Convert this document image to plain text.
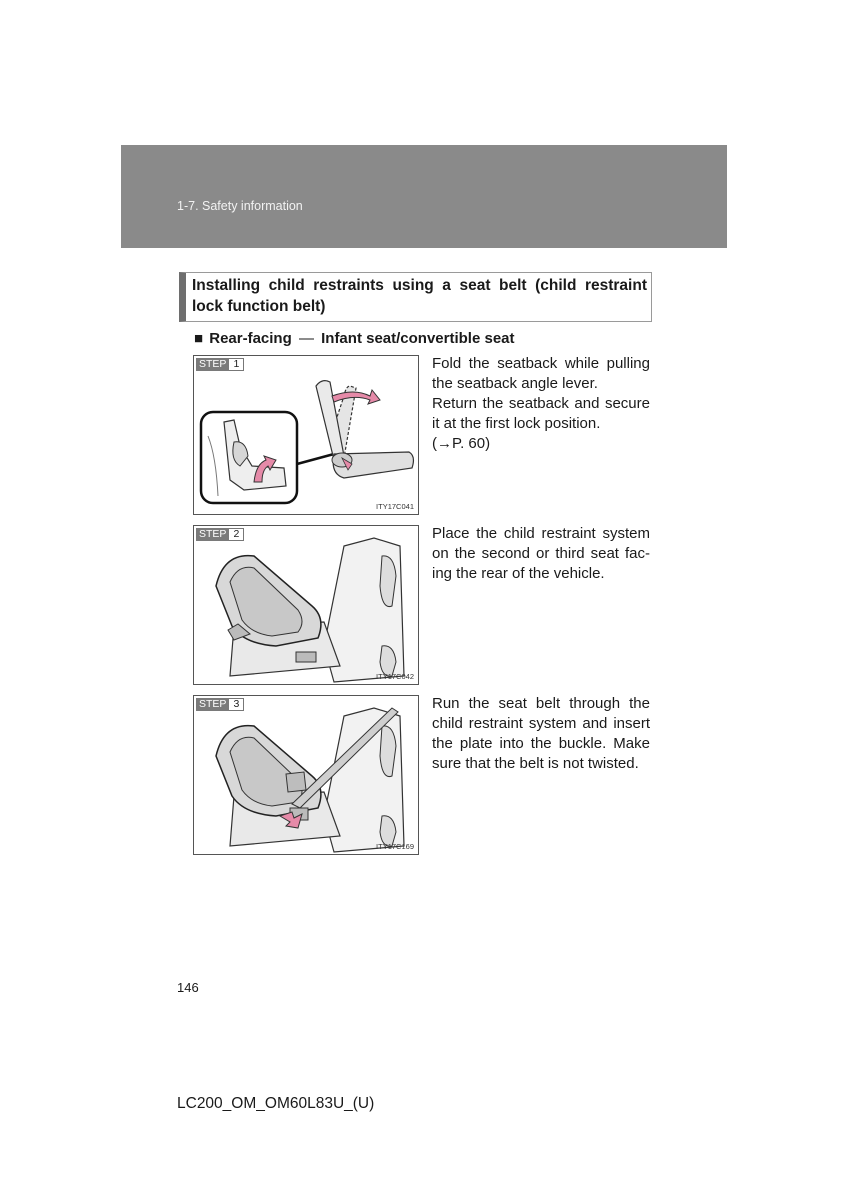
1-7. Safety information
Installing child restraints using a seat belt (child restraint lock function belt)
■ Rear-facing — Infant seat/convertible seat
STEP 1
ITY17C041

Fold the seatback while pulling the seatback angle lever.

Return the seatback and secure it at the first lock position.

(→P. 60)

STEP 2
ITY17C042

Place the child restraint system on the second or third seat fac-ing the rear of the vehicle.

STEP 3
ITY17C169

Run the seat belt through the child restraint system and insert the plate into the buckle. Make sure that the belt is not twisted.

146
LC200_OM_OM60L83U_(U)
